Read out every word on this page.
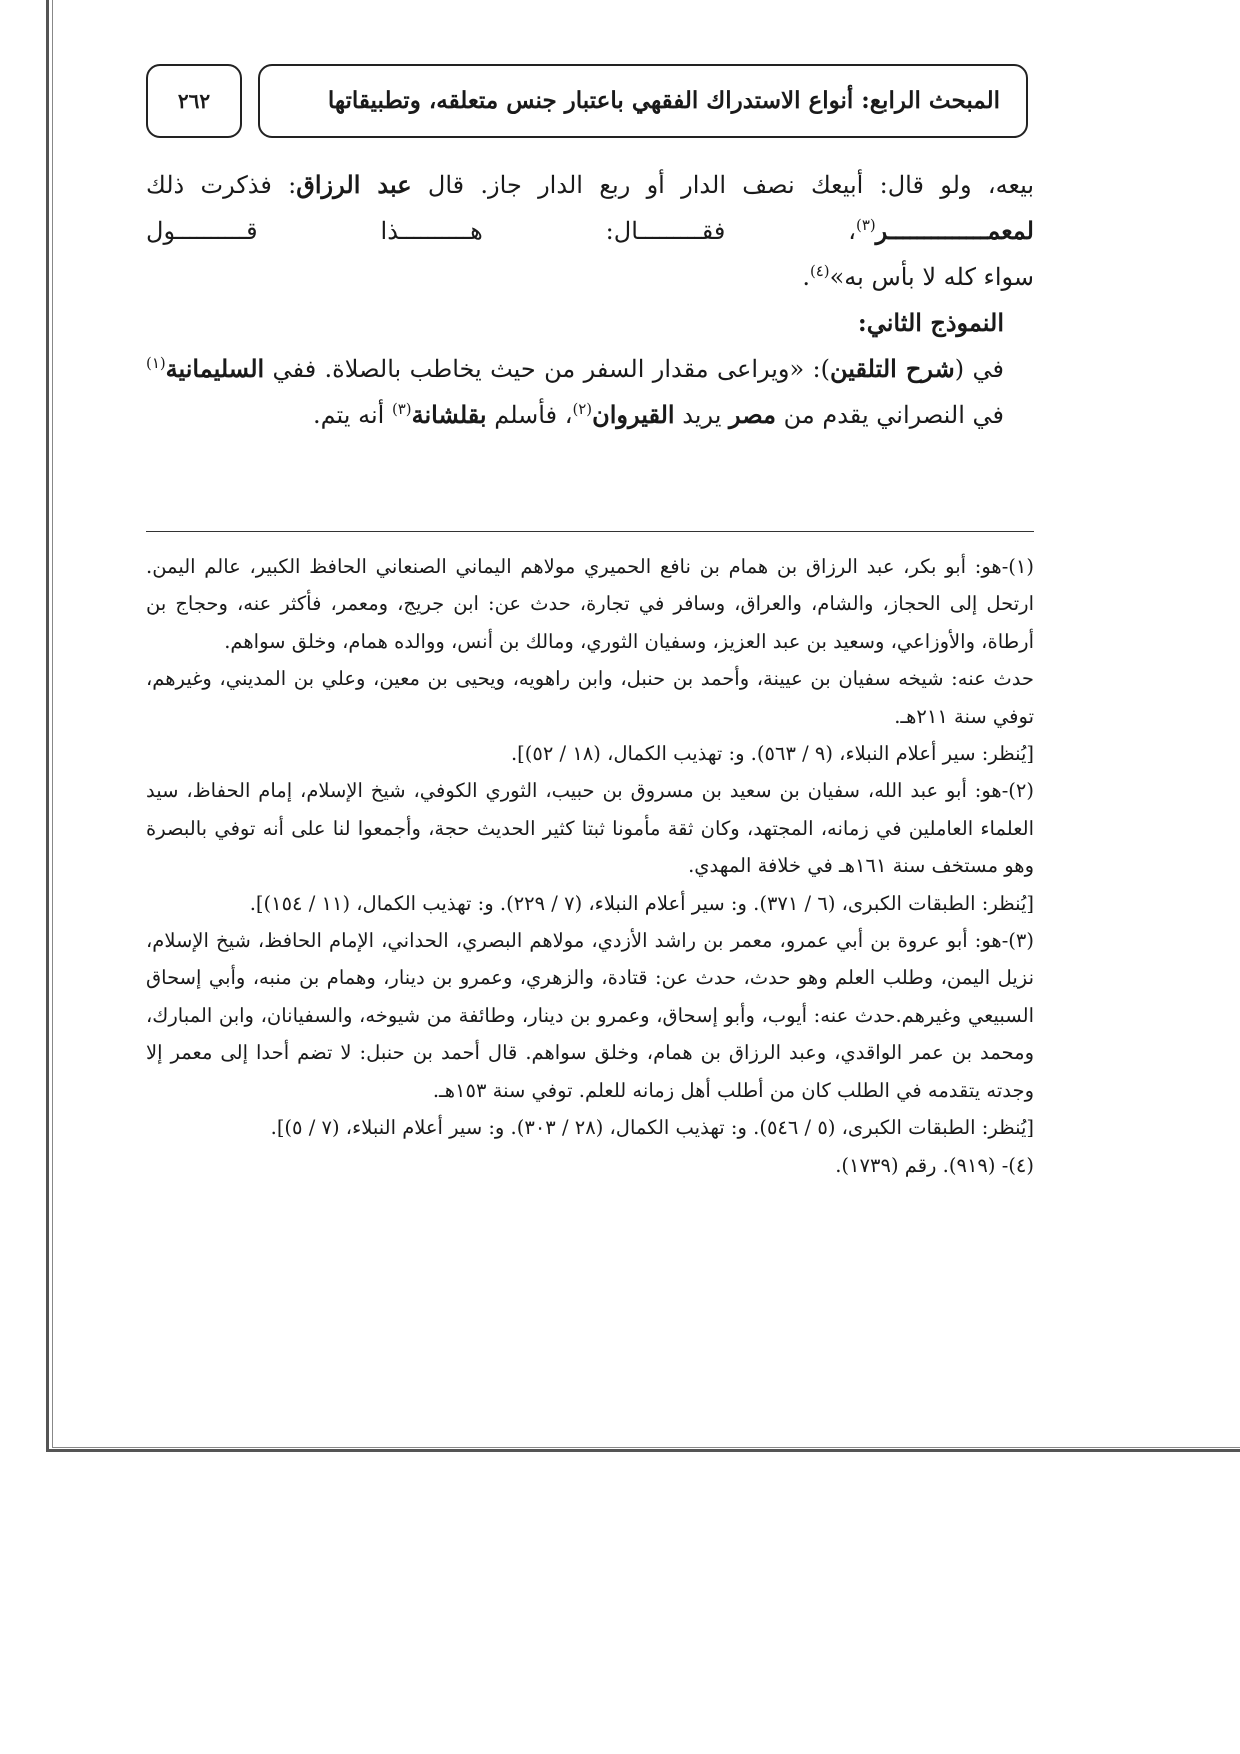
المبحث الرابع: أنواع الاستدراك الفقهي باعتبار جنس متعلقه، وتطبيقاتها
٢٦٢

بيعه، ولو قال: أبيعك نصف الدار أو ربع الدار جاز. قال عبد الرزاق: فذكرت ذلك

لمعمــــــــــــــر$^{(٣)}$، فقـــــــــال: هــــــــــذا قــــــــــول

سواء كله لا بأس به»$^{(٤)}$.

النموذج الثاني:

في (شرح التلقين): «ويراعى مقدار السفر من حيث يخاطب بالصلاة. ففي السليمانية$^{(١)}$ في النصراني يقدم من مصر يريد القيروان$^{(٢)}$، فأسلم بقلشانة$^{(٣)}$ أنه يتم.

(١)-هو: أبو بكر، عبد الرزاق بن همام بن نافع الحميري مولاهم اليماني الصنعاني الحافظ الكبير، عالم اليمن. ارتحل إلى الحجاز، والشام، والعراق، وسافر في تجارة، حدث عن: ابن جريج، ومعمر، فأكثر عنه، وحجاج بن أرطاة، والأوزاعي، وسعيد بن عبد العزيز، وسفيان الثوري، ومالك بن أنس، ووالده همام، وخلق سواهم.

حدث عنه: شيخه سفيان بن عيينة، وأحمد بن حنبل، وابن راهويه، ويحيى بن معين، وعلي بن المديني، وغيرهم، توفي سنة ٢١١هـ.

[يُنظر: سير أعلام النبلاء، (٩ / ٥٦٣). و: تهذيب الكمال، (١٨ / ٥٢)].

(٢)-هو: أبو عبد الله، سفيان بن سعيد بن مسروق بن حبيب، الثوري الكوفي، شيخ الإسلام، إمام الحفاظ، سيد العلماء العاملين في زمانه، المجتهد، وكان ثقة مأمونا ثبتا كثير الحديث حجة، وأجمعوا لنا على أنه توفي بالبصرة وهو مستخف سنة ١٦١هـ في خلافة المهدي.

[يُنظر: الطبقات الكبرى، (٦ / ٣٧١). و: سير أعلام النبلاء، (٧ / ٢٢٩). و: تهذيب الكمال، (١١ / ١٥٤)].

(٣)-هو: أبو عروة بن أبي عمرو، معمر بن راشد الأزدي، مولاهم البصري، الحداني، الإمام الحافظ، شيخ الإسلام، نزيل اليمن، وطلب العلم وهو حدث، حدث عن: قتادة، والزهري، وعمرو بن دينار، وهمام بن منبه، وأبي إسحاق السبيعي وغيرهم.حدث عنه: أيوب، وأبو إسحاق، وعمرو بن دينار، وطائفة من شيوخه، والسفيانان، وابن المبارك، ومحمد بن عمر الواقدي، وعبد الرزاق بن همام، وخلق سواهم. قال أحمد بن حنبل: لا تضم أحدا إلى معمر إلا وجدته يتقدمه في الطلب كان من أطلب أهل زمانه للعلم. توفي سنة ١٥٣هـ.

[يُنظر: الطبقات الكبرى، (٥ / ٥٤٦). و: تهذيب الكمال، (٢٨ / ٣٠٣). و: سير أعلام النبلاء، (٧ / ٥)].

(٤)- (٩١٩). رقم (١٧٣٩).
